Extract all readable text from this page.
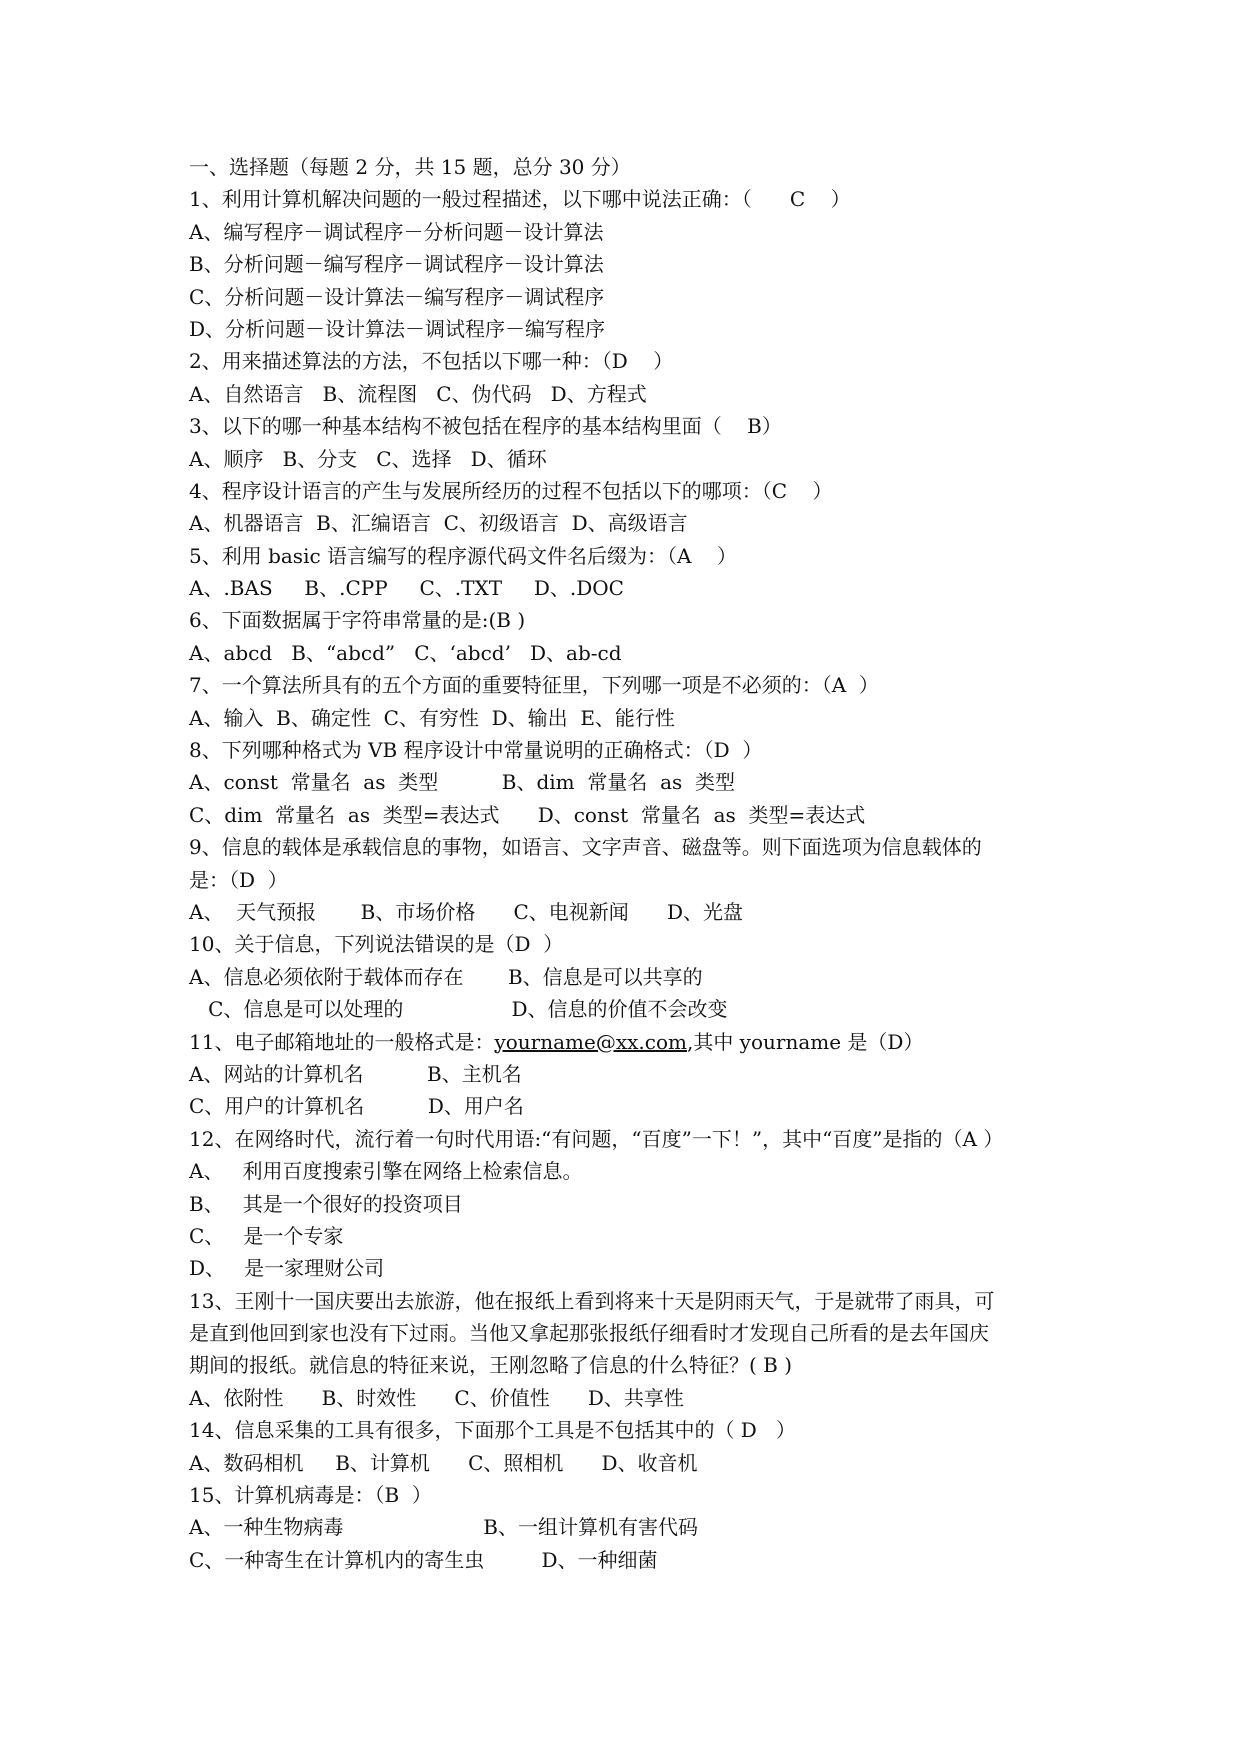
一、选择题（每题 2 分，共 15 题，总分 30 分）
1、利用计算机解决问题的一般过程描述，以下哪中说法正确：（      C    ）
A、编写程序－调试程序－分析问题－设计算法
B、分析问题－编写程序－调试程序－设计算法
C、分析问题－设计算法－编写程序－调试程序
D、分析问题－设计算法－调试程序－编写程序
2、用来描述算法的方法，不包括以下哪一种：（D    ）
A、自然语言   B、流程图   C、伪代码   D、方程式
3、以下的哪一种基本结构不被包括在程序的基本结构里面（    B）
A、顺序   B、分支   C、选择   D、循环
4、程序设计语言的产生与发展所经历的过程不包括以下的哪项：（C    ）
A、机器语言  B、汇编语言  C、初级语言  D、高级语言
5、利用 basic 语言编写的程序源代码文件名后缀为：（A    ）
A、.BAS     B、.CPP     C、.TXT     D、.DOC
6、下面数据属于字符串常量的是:(B )
A、abcd   B、“abcd”   C、‘abcd’   D、ab-cd
7、一个算法所具有的五个方面的重要特征里，下列哪一项是不必须的：（A  ）
A、输入  B、确定性  C、有穷性  D、输出  E、能行性
8、下列哪种格式为 VB 程序设计中常量说明的正确格式：（D  ）
A、const  常量名  as  类型          B、dim  常量名  as  类型
C、dim  常量名  as  类型=表达式      D、const  常量名  as  类型=表达式
9、信息的载体是承载信息的事物，如语言、文字声音、磁盘等。则下面选项为信息载体的
是：（D  ）
A、  天气预报       B、市场价格      C、电视新闻      D、光盘
10、关于信息，下列说法错误的是（D  ）
A、信息必须依附于载体而存在       B、信息是可以共享的
C、信息是可以处理的                 D、信息的价值不会改变
11、电子邮箱地址的一般格式是：yourname@xx.com,其中 yourname 是（D）
A、网站的计算机名          B、主机名
C、用户的计算机名          D、用户名
12、在网络时代，流行着一句时代用语:“有问题，“百度”一下！”，其中“百度”是指的（A ）
A、   利用百度搜索引擎在网络上检索信息。
B、   其是一个很好的投资项目
C、   是一个专家
D、   是一家理财公司
13、王刚十一国庆要出去旅游，他在报纸上看到将来十天是阴雨天气，于是就带了雨具，可
是直到他回到家也没有下过雨。当他又拿起那张报纸仔细看时才发现自己所看的是去年国庆
期间的报纸。就信息的特征来说，王刚忽略了信息的什么特征？( B )
A、依附性      B、时效性      C、价值性      D、共享性
14、信息采集的工具有很多，下面那个工具是不包括其中的（ D   ）
A、数码相机     B、计算机      C、照相机      D、收音机
15、计算机病毒是：（B  ）
A、一种生物病毒                      B、一组计算机有害代码
C、一种寄生在计算机内的寄生虫         D、一种细菌
